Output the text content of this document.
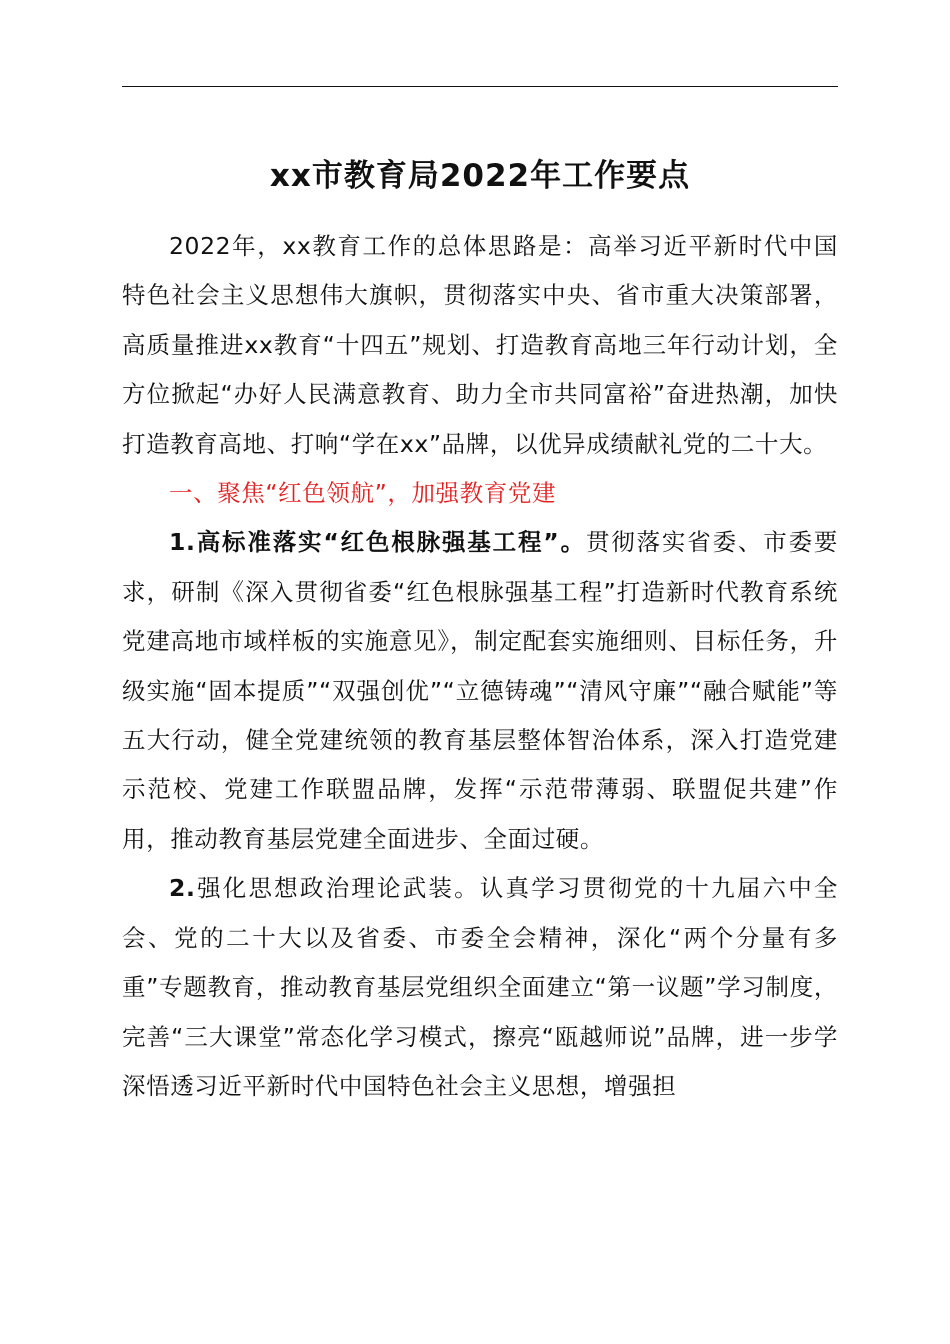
xx市教育局2022年工作要点

2022年，xx教育工作的总体思路是：高举习近平新时代中国特色社会主义思想伟大旗帜，贯彻落实中央、省市重大决策部署，高质量推进xx教育“十四五”规划、打造教育高地三年行动计划，全方位掀起“办好人民满意教育、助力全市共同富裕”奋进热潮，加快打造教育高地、打响“学在xx”品牌，以优异成绩献礼党的二十大。

一、聚焦“红色领航”，加强教育党建

1.高标准落实“红色根脉强基工程”。贯彻落实省委、市委要求，研制《深入贯彻省委“红色根脉强基工程”打造新时代教育系统党建高地市域样板的实施意见》，制定配套实施细则、目标任务，升级实施“固本提质”“双强创优”“立德铸魂”“清风守廉”“融合赋能”等五大行动，健全党建统领的教育基层整体智治体系，深入打造党建示范校、党建工作联盟品牌，发挥“示范带薄弱、联盟促共建”作用，推动教育基层党建全面进步、全面过硬。

2.强化思想政治理论武装。认真学习贯彻党的十九届六中全会、党的二十大以及省委、市委全会精神，深化“两个分量有多重”专题教育，推动教育基层党组织全面建立“第一议题”学习制度，完善“三大课堂”常态化学习模式，擦亮“瓯越师说”品牌，进一步学深悟透习近平新时代中国特色社会主义思想，增强担
